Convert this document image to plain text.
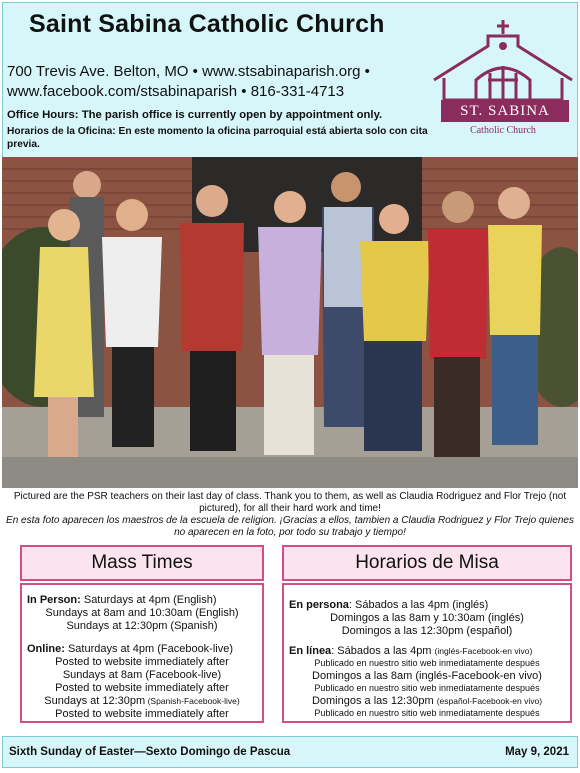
Saint Sabina Catholic Church
700 Trevis Ave. Belton, MO • www.stsabinaparish.org •
www.facebook.com/stsabinaparish • 816-331-4713
Office Hours: The parish office is currently open by appointment only.
Horarios de la Oficina: En este momento la oficina parroquial está abierta solo con cita previa.
ST. SABINA
Catholic Church
Pictured are the PSR teachers on their last day of class. Thank you to them, as well as Claudia Rodriguez and Flor Trejo (not pictured), for all their hard work and time!
En esta foto aparecen los maestros de la escuela de religion. ¡Gracias a ellos, tambien a Claudia Rodriguez y Flor Trejo quienes no aparecen en la foto, por todo su trabajo y tiempo!
Mass Times
In Person: Saturdays at 4pm (English)
Sundays at 8am and 10:30am (English)
Sundays at 12:30pm (Spanish)
Online: Saturdays at 4pm (Facebook-live)
Posted to website immediately after
Sundays at 8am (Facebook-live)
Posted to website immediately after
Sundays at 12:30pm (Spanish-Facebook-live)
Posted to website immediately after
Horarios de Misa
En persona: Sábados a las 4pm (inglés)
Domingos a las 8am y 10:30am (inglés)
Domingos a las 12:30pm (español)
En línea: Sábados a las 4pm (inglés-Facebook-en vivo)
Publicado en nuestro sitio web inmediatamente después
Domingos a las 8am (inglés-Facebook-en vivo)
Publicado en nuestro sitio web inmediatamente después
Domingos a las 12:30pm (español-Facebook-en vivo)
Publicado en nuestro sitio web inmediatamente después
Sixth Sunday of Easter—Sexto Domingo de Pascua	May 9, 2021
